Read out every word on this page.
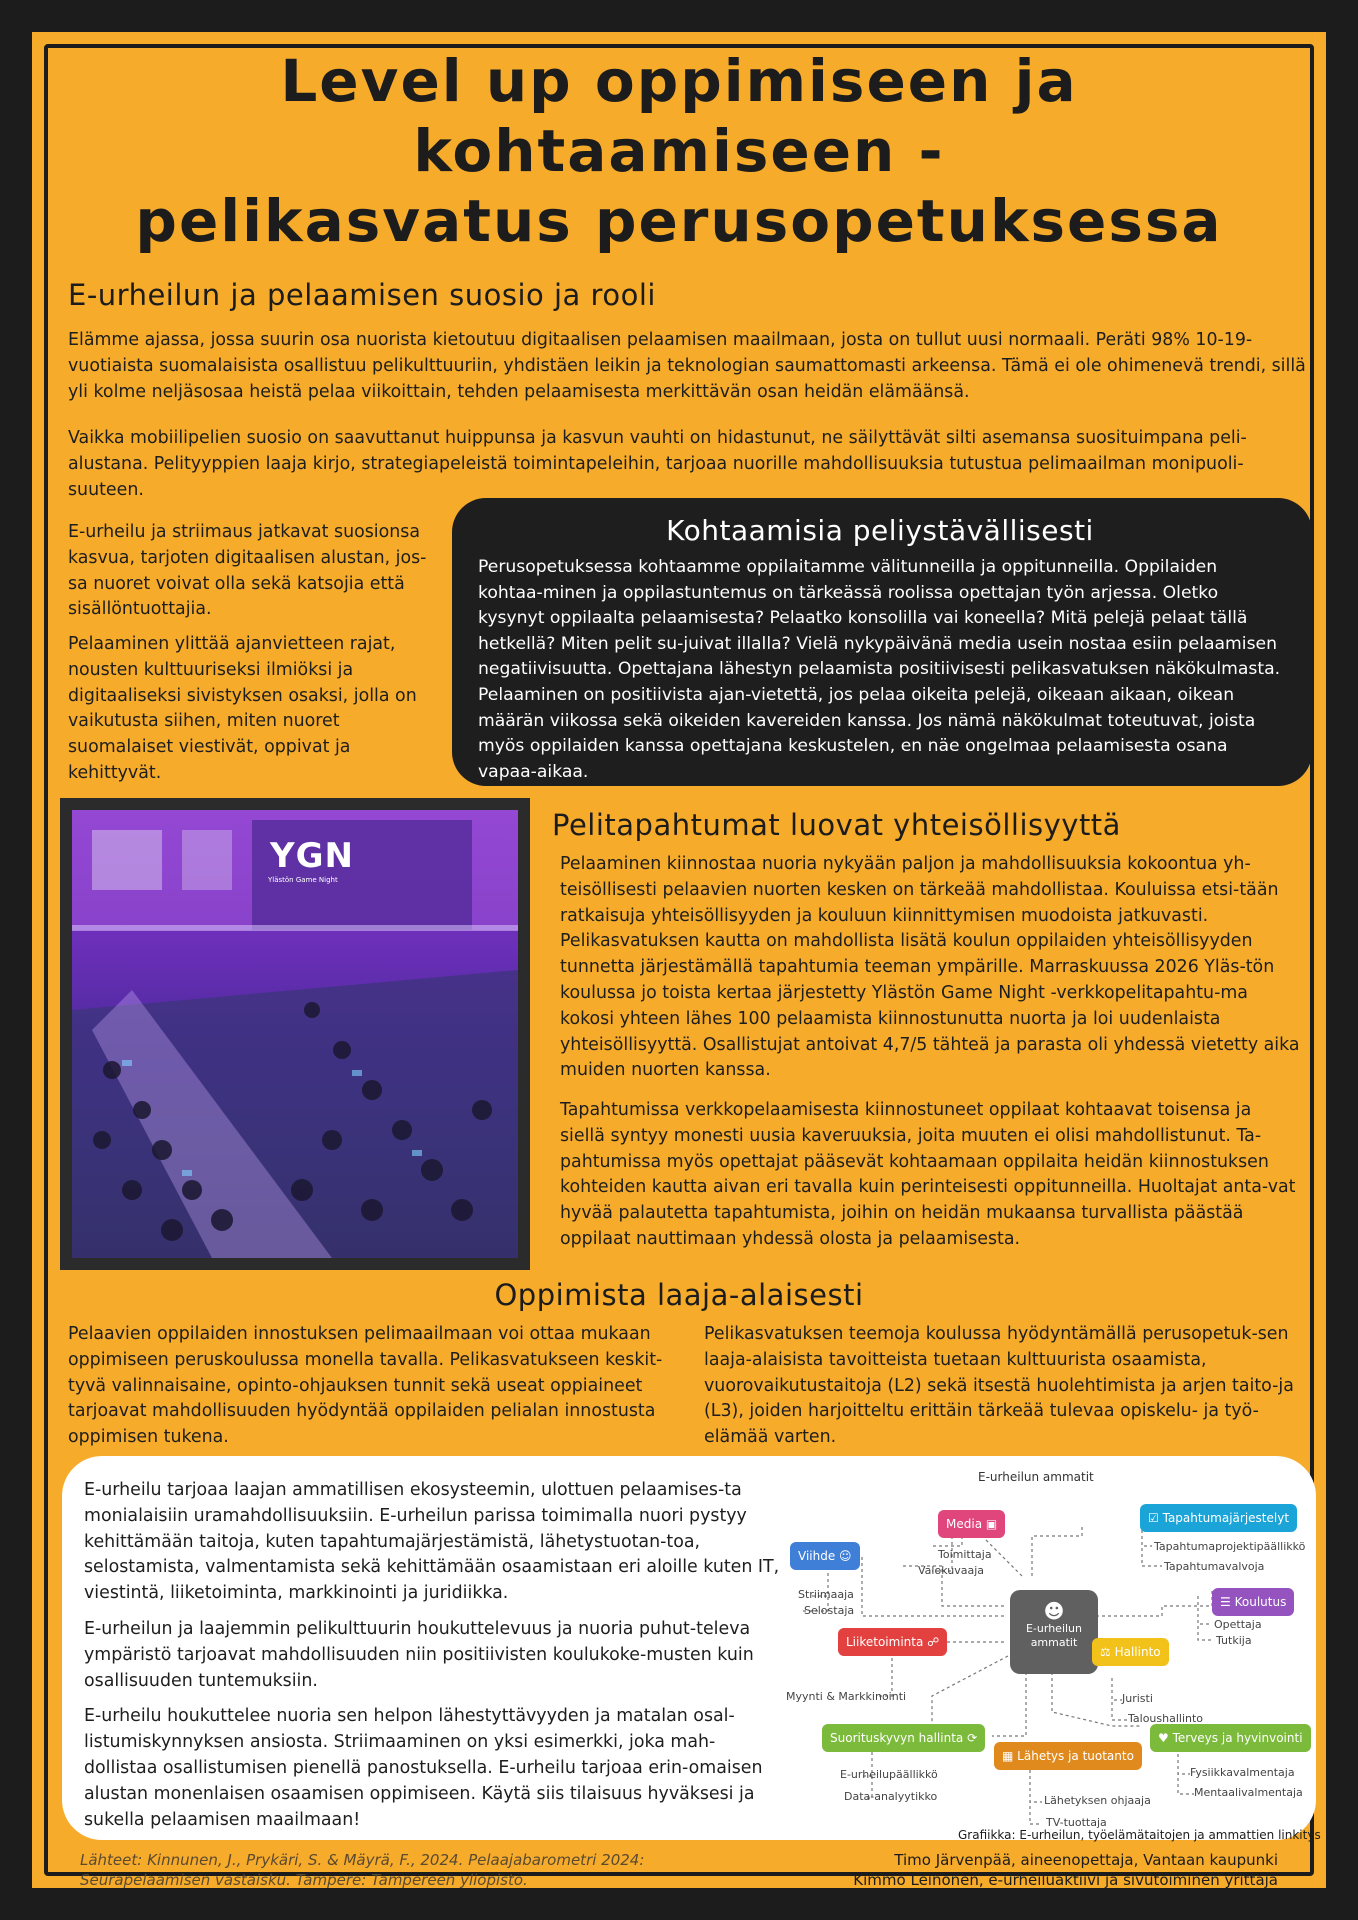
Level up oppimiseen ja
kohtaamiseen -
pelikasvatus perusopetuksessa
E-urheilun ja pelaamisen suosio ja rooli

Elämme ajassa, jossa suurin osa nuorista kietoutuu digitaalisen pelaamisen maailmaan, josta on tullut uusi normaali. Peräti 98% 10-19-vuotiaista suomalaisista osallistuu pelikulttuuriin, yhdistäen leikin ja teknologian saumattomasti arkeensa. Tämä ei ole ohimenevä trendi, sillä yli kolme neljäsosaa heistä pelaa viikoittain, tehden pelaamisesta merkittävän osan heidän elämäänsä.

Vaikka mobiilipelien suosio on saavuttanut huippunsa ja kasvun vauhti on hidastunut, ne säilyttävät silti asemansa suosituimpana peli-alustana. Pelityyppien laaja kirjo, strategiapeleistä toimintapeleihin, tarjoaa nuorille mahdollisuuksia tutustua pelimaailman monipuoli-suuteen.

E-urheilu ja striimaus jatkavat suosionsa kasvua, tarjoten digitaalisen alustan, jos-sa nuoret voivat olla sekä katsojia että sisällöntuottajia.

Pelaaminen ylittää ajanvietteen rajat, nousten kulttuuriseksi ilmiöksi ja digitaaliseksi sivistyksen osaksi, jolla on vaikutusta siihen, miten nuoret suomalaiset viestivät, oppivat ja kehittyvät.

Kohtaamisia peliystävällisesti

Perusopetuksessa kohtaamme oppilaitamme välitunneilla ja oppitunneilla. Oppilaiden kohtaa-minen ja oppilastuntemus on tärkeässä roolissa opettajan työn arjessa. Oletko kysynyt oppilaalta pelaamisesta? Pelaatko konsolilla vai koneella? Mitä pelejä pelaat tällä hetkellä? Miten pelit su-juivat illalla? Vielä nykypäivänä media usein nostaa esiin pelaamisen negatiivisuutta. Opettajana lähestyn pelaamista positiivisesti pelikasvatuksen näkökulmasta. Pelaaminen on positiivista ajan-vietettä, jos pelaa oikeita pelejä, oikeaan aikaan, oikean määrän viikossa sekä oikeiden kavereiden kanssa. Jos nämä näkökulmat toteutuvat, joista myös oppilaiden kanssa opettajana keskustelen, en näe ongelmaa pelaamisesta osana vapaa-aikaa.

YGN
Ylästön Game Night
Pelitapahtumat luovat yhteisöllisyyttä

Pelaaminen kiinnostaa nuoria nykyään paljon ja mahdollisuuksia kokoontua yh-teisöllisesti pelaavien nuorten kesken on tärkeää mahdollistaa. Kouluissa etsi-tään ratkaisuja yhteisöllisyyden ja kouluun kiinnittymisen muodoista jatkuvasti. Pelikasvatuksen kautta on mahdollista lisätä koulun oppilaiden yhteisöllisyyden tunnetta järjestämällä tapahtumia teeman ympärille. Marraskuussa 2026 Yläs-tön koulussa jo toista kertaa järjestetty Ylästön Game Night -verkkopelitapahtu-ma kokosi yhteen lähes 100 pelaamista kiinnostunutta nuorta ja loi uudenlaista yhteisöllisyyttä. Osallistujat antoivat 4,7/5 tähteä ja parasta oli yhdessä vietetty aika muiden nuorten kanssa.

Tapahtumissa verkkopelaamisesta kiinnostuneet oppilaat kohtaavat toisensa ja siellä syntyy monesti uusia kaveruuksia, joita muuten ei olisi mahdollistunut. Ta-pahtumissa myös opettajat pääsevät kohtaamaan oppilaita heidän kiinnostuksen kohteiden kautta aivan eri tavalla kuin perinteisesti oppitunneilla. Huoltajat anta-vat hyvää palautetta tapahtumista, joihin on heidän mukaansa turvallista päästää oppilaat nauttimaan yhdessä olosta ja pelaamisesta.

Oppimista laaja-alaisesti

Pelaavien oppilaiden innostuksen pelimaailmaan voi ottaa mukaan oppimiseen peruskoulussa monella tavalla. Pelikasvatukseen keskit-tyvä valinnaisaine, opinto-ohjauksen tunnit sekä useat oppiaineet tarjoavat mahdollisuuden hyödyntää oppilaiden pelialan innostusta oppimisen tukena.

Pelikasvatuksen teemoja koulussa hyödyntämällä perusopetuk-sen laaja-alaisista tavoitteista tuetaan kulttuurista osaamista, vuorovaikutustaitoja (L2) sekä itsestä huolehtimista ja arjen taito-ja (L3), joiden harjoitteltu erittäin tärkeää tulevaa opiskelu- ja työ-elämää varten.

E-urheilu tarjoaa laajan ammatillisen ekosysteemin, ulottuen pelaamises-ta monialaisiin uramahdollisuuksiin. E-urheilun parissa toimimalla nuori pystyy kehittämään taitoja, kuten tapahtumajärjestämistä, lähetystuotan-toa, selostamista, valmentamista sekä kehittämään osaamistaan eri aloille kuten IT, viestintä, liiketoiminta, markkinointi ja juridiikka.

E-urheilun ja laajemmin pelikulttuurin houkuttelevuus ja nuoria puhut-televa ympäristö tarjoavat mahdollisuuden niin positiivisten koulukoke-musten kuin osallisuuden tuntemuksiin.

E-urheilu houkuttelee nuoria sen helpon lähestyttävyyden ja matalan osal-listumiskynnyksen ansiosta. Striimaaminen on yksi esimerkki, joka mah-dollistaa osallistumisen pienellä panostuksella. E-urheilu tarjoaa erin-omaisen alustan monenlaisen osaamisen oppimiseen. Käytä siis tilaisuus hyväksesi ja sukella pelaamisen maailmaan!

E-urheilun ammatit
☻
E-urheilun ammatit
Media ▣
Toimittaja
Valokuvaaja
Viihde ☺
Striimaaja
Selostaja
Liiketoiminta ☍
Myynti & Markkinointi
Suorituskyvyn hallinta ⟳
E-urheilupäällikkö
Data-analyytikko
▦ Lähetys ja tuotanto
Lähetyksen ohjaaja
TV-tuottaja
♥ Terveys ja hyvinvointi
Fysiikkavalmentaja
Mentaalivalmentaja
⚖ Hallinto
Juristi
Taloushallinto
☰ Koulutus
Opettaja
Tutkija
☑ Tapahtumajärjestelyt
Tapahtumaprojektipäällikkö
Tapahtumavalvoja
Grafiikka: E-urheilun, työelämätaitojen ja ammattien linkitys
Lähteet: Kinnunen, J., Prykäri, S. & Mäyrä, F., 2024. Pelaajabarometri 2024: Seurapelaamisen vastaisku. Tampere: Tampereen yliopisto.
Timo Järvenpää, aineenopettaja, Vantaan kaupunki
Kimmo Leinonen, e-urheiluaktiivi ja sivutoiminen yrittäjä
